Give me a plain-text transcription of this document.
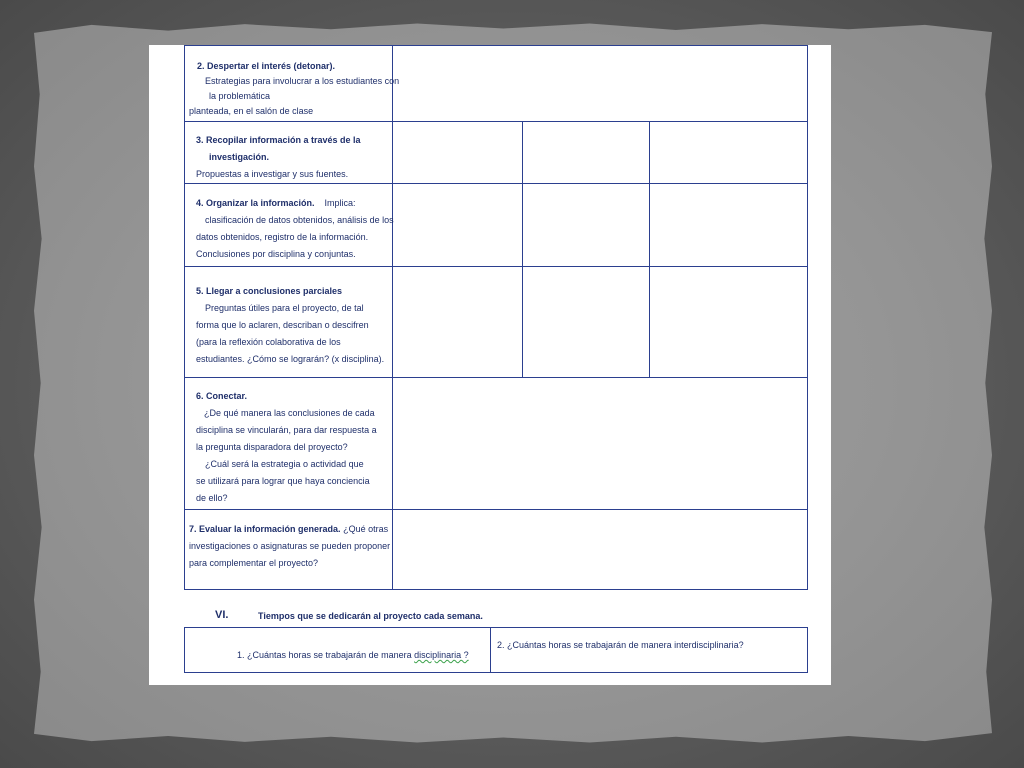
2. Despertar el interés (detonar).
Estrategias para involucrar a los estudiantes con
la problemática
planteada, en el salón de clase
3. Recopilar información a través de la
investigación.
Propuestas a investigar y sus fuentes.
4. Organizar la información. Implica:
clasificación de datos obtenidos, análisis de los
datos obtenidos, registro de la información.
Conclusiones por disciplina y conjuntas.
5. Llegar a conclusiones parciales
Preguntas útiles para el proyecto, de tal
forma que lo aclaren, describan o descifren
(para la reflexión colaborativa de los
estudiantes. ¿Cómo se lograrán? (x disciplina).
6. Conectar.
¿De qué manera las conclusiones de cada
disciplina se vincularán, para dar respuesta a
la pregunta disparadora del proyecto?
¿Cuál será la estrategia o actividad que
se utilizará para lograr que haya conciencia
de ello?
7. Evaluar la información generada. ¿Qué otras
investigaciones o asignaturas se pueden proponer
para complementar el proyecto?
VI.	Tiempos que se dedicarán al proyecto cada semana.
1. ¿Cuántas horas se trabajarán de manera disciplinaria ?
2. ¿Cuántas horas se trabajarán de manera interdisciplinaria?
